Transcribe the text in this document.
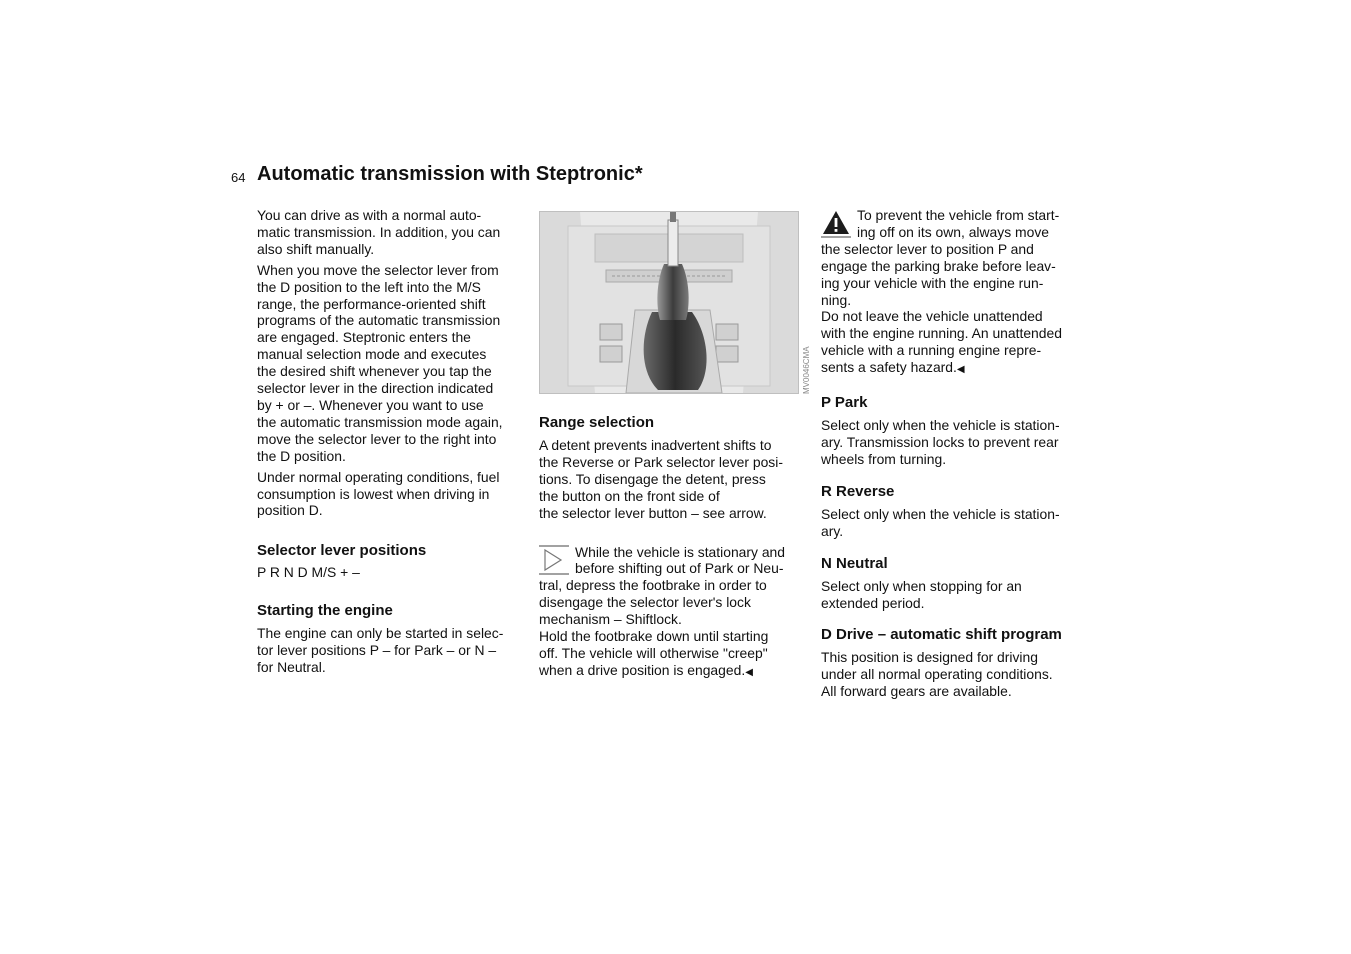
64 Automatic transmission with Steptronic*

You can drive as with a normal auto-
matic transmission. In addition, you can
also shift manually.

When you move the selector lever from
the D position to the left into the M/S
range, the performance-oriented shift
programs of the automatic transmission
are engaged. Steptronic enters the
manual selection mode and executes
the desired shift whenever you tap the
selector lever in the direction indicated
by + or –. Whenever you want to use
the automatic transmission mode again,
move the selector lever to the right into
the D position.

Under normal operating conditions, fuel
consumption is lowest when driving in
position D.

Selector lever positions

P R N D M/S + –

Starting the engine

The engine can only be started in selec-
tor lever positions P – for Park – or N –
for Neutral.

MV0046CMA
Range selection

A detent prevents inadvertent shifts to
the Reverse or Park selector lever posi-
tions. To disengage the detent, press
the button on the front side of
the selector lever button – see arrow.

While the vehicle is stationary and
before shifting out of Park or Neu-
tral, depress the footbrake in order to
disengage the selector lever's lock
mechanism – Shiftlock.
Hold the footbrake down until starting
off. The vehicle will otherwise "creep"
when a drive position is engaged.◀

To prevent the vehicle from start-
ing off on its own, always move
the selector lever to position P and
engage the parking brake before leav-
ing your vehicle with the engine run-
ning.
Do not leave the vehicle unattended
with the engine running. An unattended
vehicle with a running engine repre-
sents a safety hazard.◀

P Park

Select only when the vehicle is station-
ary. Transmission locks to prevent rear
wheels from turning.

R Reverse

Select only when the vehicle is station-
ary.

N Neutral

Select only when stopping for an
extended period.

D Drive – automatic shift program

This position is designed for driving
under all normal operating conditions.
All forward gears are available.
